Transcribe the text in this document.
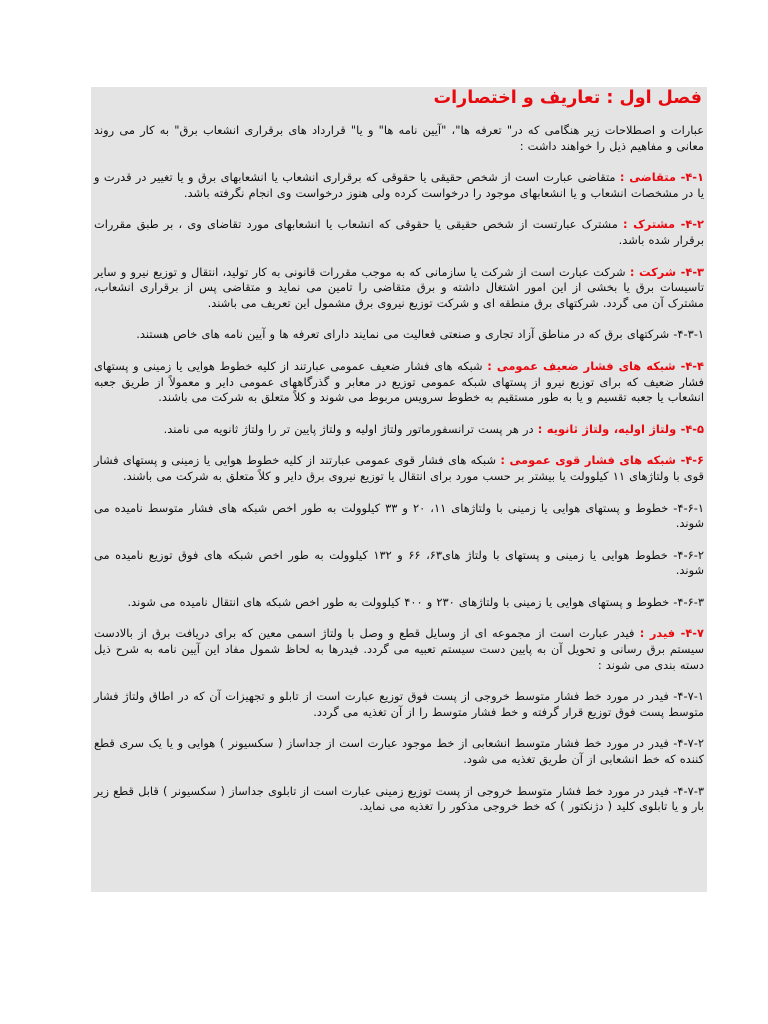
فصل اول : تعاریف و اختصارات

عبارات و اصطلاحات زیر هنگامی که در" تعرفه ها"، "آیین نامه ها" و یا" قرارداد های برقراری انشعاب برق" به کار می روند معانی و مفاهیم ذیل را خواهند داشت :

۴-۱- متقاضی : متقاضی عبارت است از شخص حقیقی یا حقوقی که برقراری انشعاب یا انشعابهای برق و یا تغییر در قدرت و یا در مشخصات انشعاب و یا انشعابهای موجود را درخواست کرده ولی هنوز درخواست وی انجام نگرفته باشد.

۴-۲- مشترک : مشترک عبارتست از شخص حقیقی یا حقوقی که انشعاب یا انشعابهای مورد تقاضای وی ، بر طبق مقررات برقرار شده باشد.

۴-۳- شرکت : شرکت عبارت است از شرکت یا سازمانی که به موجب مقررات قانونی به کار تولید، انتقال و توزیع نیرو و سایر تاسیسات برق یا بخشی از این امور اشتغال داشته و برق متقاضی را تامین می نماید و متقاضی پس از برقراری انشعاب، مشترک آن می گردد. شرکتهای برق منطقه ای و شرکت توزیع نیروی برق مشمول این تعریف می باشند.

۴-۳-۱- شرکتهای برق که در مناطق آزاد تجاری و صنعتی فعالیت می نمایند دارای تعرفه ها و آیین نامه های خاص هستند.

۴-۴- شبکه های فشار ضعیف عمومی : شبکه های فشار ضعیف عمومی عبارتند از کلیه خطوط هوایی یا زمینی و پستهای فشار ضعیف که برای توزیع نیرو از پستهای شبکه عمومی توزیع در معابر و گذرگاههای عمومی دایر و معمولاً از طریق جعبه انشعاب یا جعبه تقسیم و یا به طور مستقیم به خطوط سرویس مربوط می شوند و کلاً متعلق به شرکت می باشند.

۴-۵- ولتاژ اولیه، ولتاژ ثانویه : در هر پست ترانسفورماتور ولتاژ اولیه و ولتاژ پایین تر را ولتاژ ثانویه می نامند.

۴-۶- شبکه های فشار قوی عمومی : شبکه های فشار قوی عمومی عبارتند از کلیه خطوط هوایی یا زمینی و پستهای فشار قوی با ولتاژهای ۱۱ کیلوولت یا بیشتر بر حسب مورد برای انتقال یا توزیع نیروی برق دایر و کلاً متعلق به شرکت می باشند.

۴-۶-۱- خطوط و پستهای هوایی یا زمینی با ولتاژهای ۱۱، ۲۰ و ۳۳ کیلوولت به طور اخص شبکه های فشار متوسط نامیده می شوند.

۴-۶-۲- خطوط هوایی یا زمینی و پستهای با ولتاژ های۶۳، ۶۶ و ۱۳۲ کیلوولت به طور اخص شبکه های فوق توزیع نامیده می شوند.

۴-۶-۳- خطوط و پستهای هوایی یا زمینی با ولتاژهای ۲۳۰ و ۴۰۰ کیلوولت به طور اخص شبکه های انتقال نامیده می شوند.

۴-۷- فیدر : فیدر عبارت است از مجموعه ای از وسایل قطع و وصل با ولتاژ اسمی معین که برای دریافت برق از بالادست سیستم برق رسانی و تحویل آن به پایین دست سیستم تعبیه می گردد. فیدرها به لحاظ شمول مفاد این آیین نامه به شرح ذیل دسته بندی می شوند :

۴-۷-۱- فیدر در مورد خط فشار متوسط خروجی از پست فوق توزیع عبارت است از تابلو و تجهیزات آن که در اطاق ولتاژ فشار متوسط پست فوق توزیع قرار گرفته و خط فشار متوسط را از آن تغذیه می گردد.

۴-۷-۲- فیدر در مورد خط فشار متوسط انشعابی از خط موجود عبارت است از جداساز ( سکسیونر ) هوایی و یا یک سری قطع کننده که خط انشعابی از آن طریق تغذیه می شود.

۴-۷-۳- فیدر در مورد خط فشار متوسط خروجی از پست توزیع زمینی عبارت است از تابلوی جداساز ( سکسیونر ) قابل قطع زیر بار و یا تابلوی کلید ( دژنکتور ) که خط خروجی مذکور را تغذیه می نماید.
